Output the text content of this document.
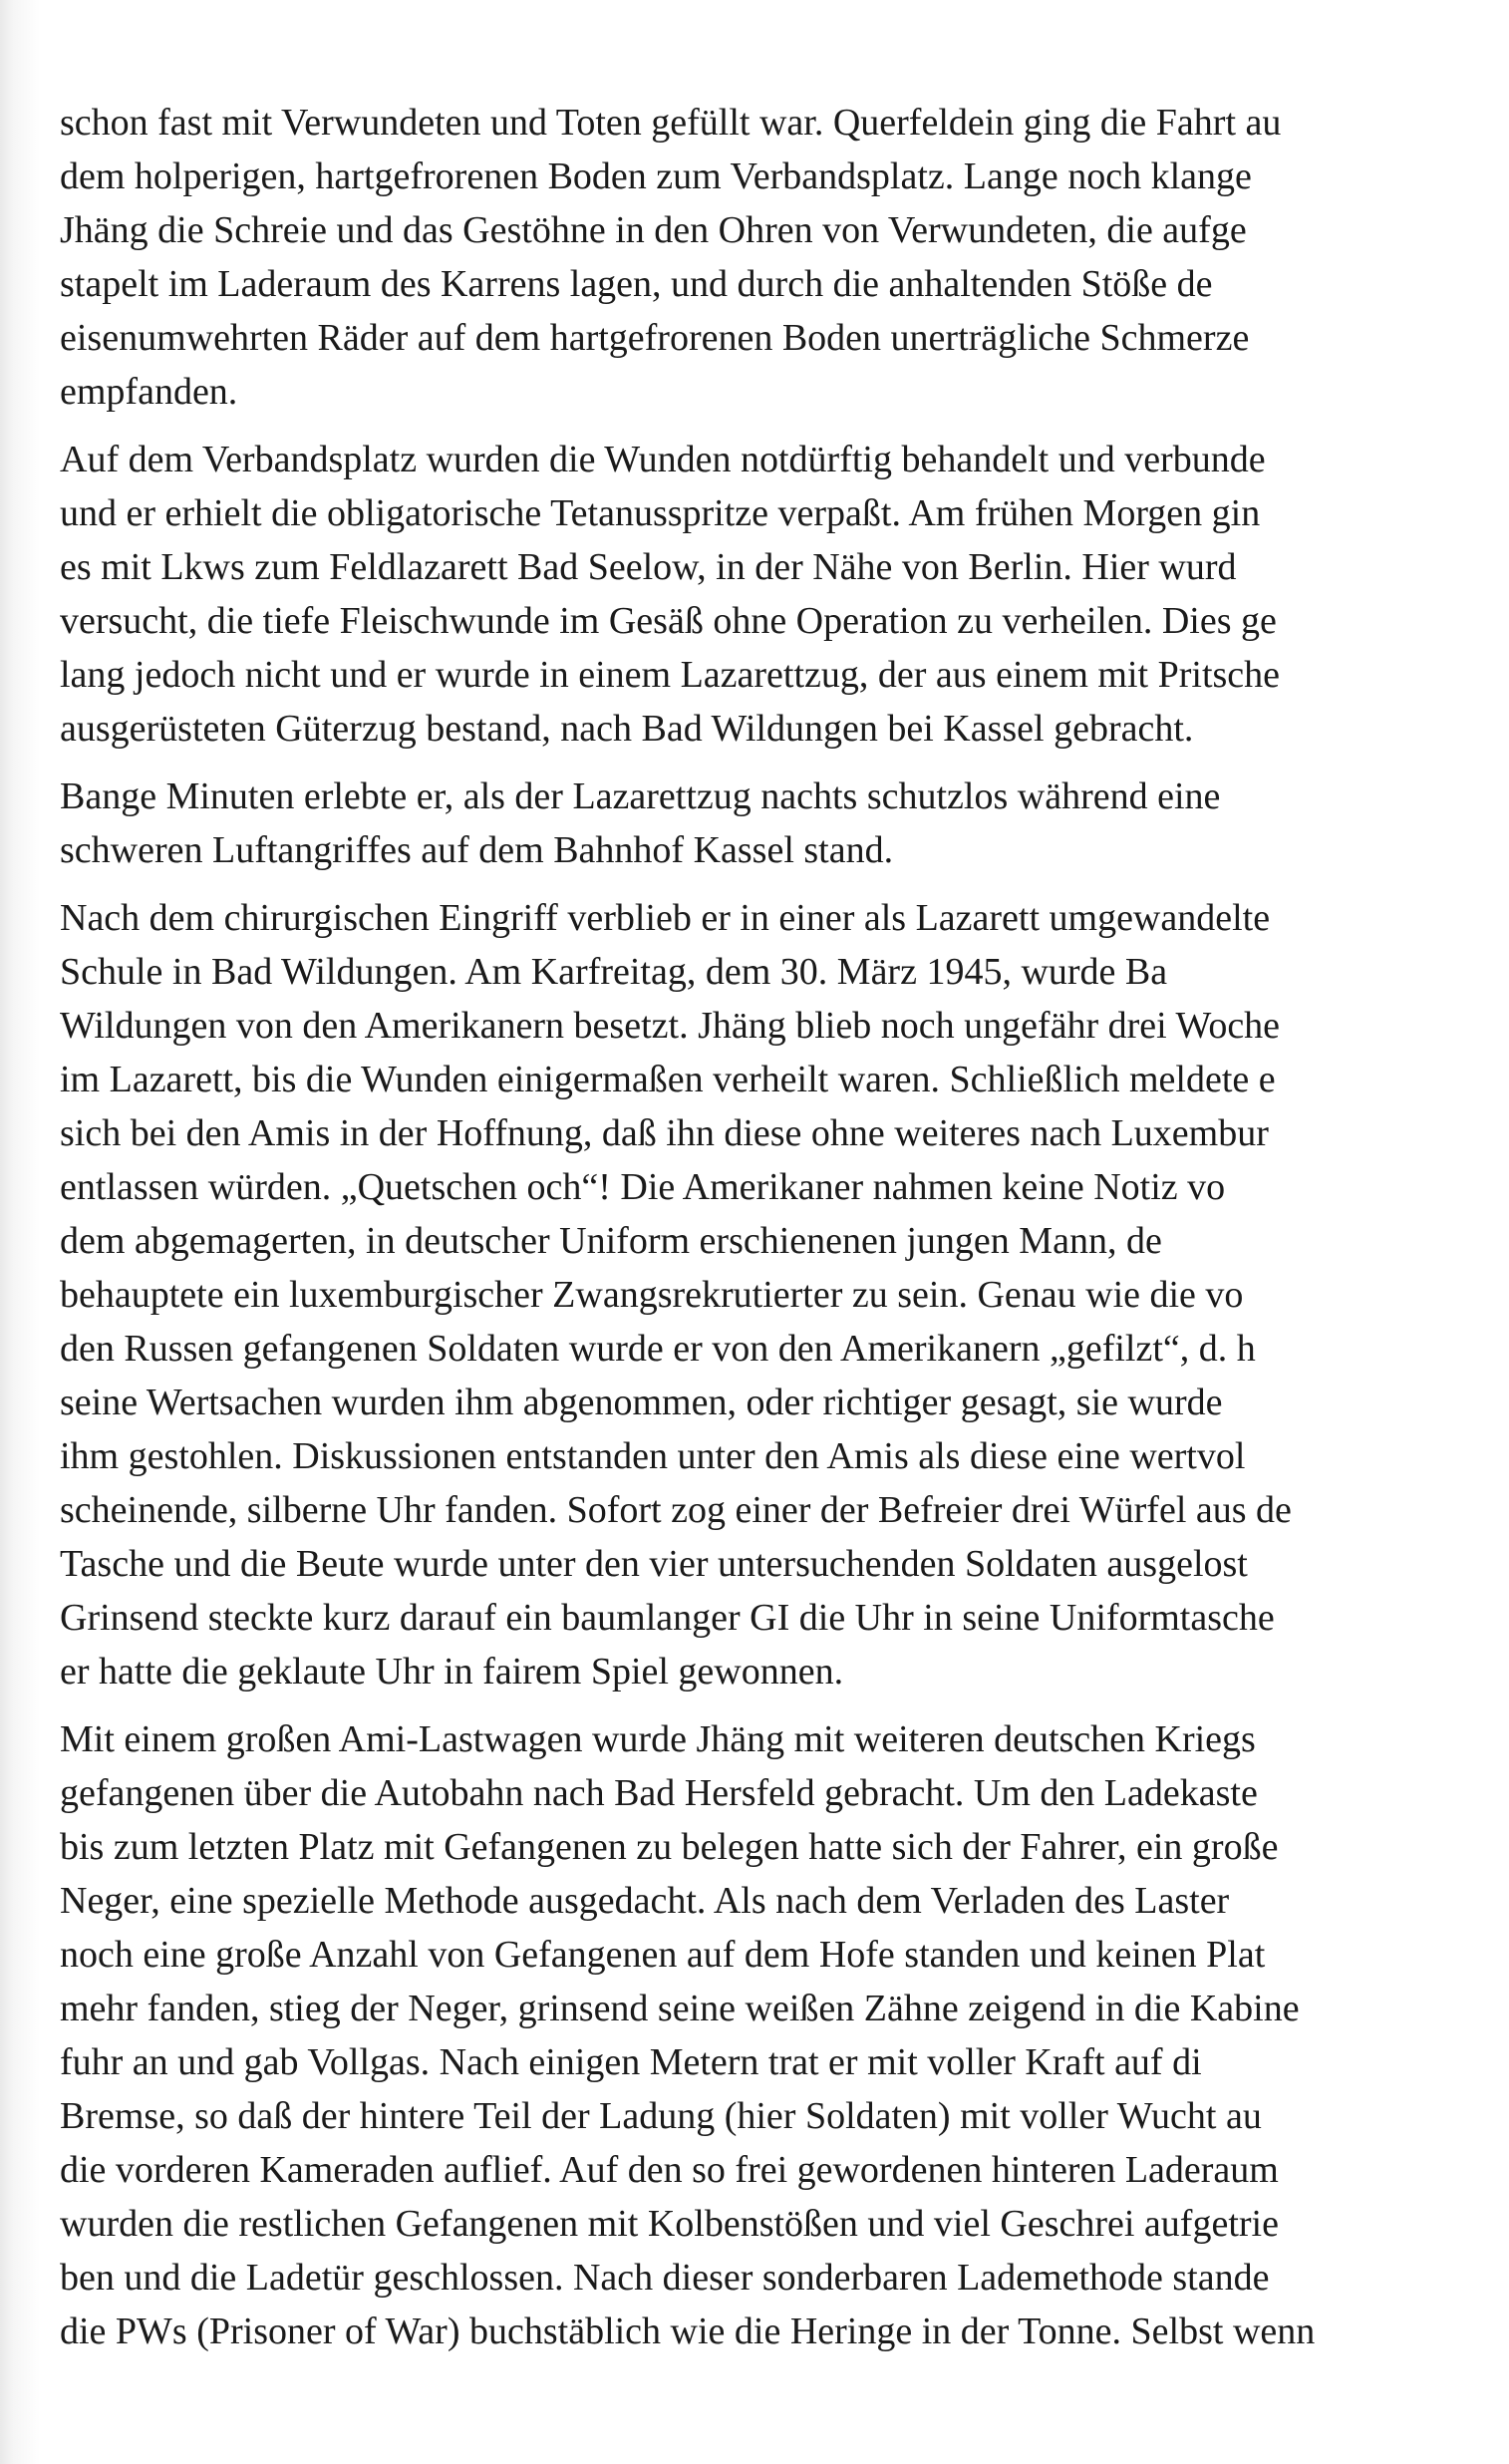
schon fast mit Verwundeten und Toten gefüllt war. Querfeldein ging die Fahrt au
dem holperigen, hartgefrorenen Boden zum Verbandsplatz. Lange noch klange
Jhäng die Schreie und das Gestöhne in den Ohren von Verwundeten, die aufge
stapelt im Laderaum des Karrens lagen, und durch die anhaltenden Stöße de
eisenumwehrten Räder auf dem hartgefrorenen Boden unerträgliche Schmerze
empfanden.
Auf dem Verbandsplatz wurden die Wunden notdürftig behandelt und verbunde
und er erhielt die obligatorische Tetanusspritze verpaßt. Am frühen Morgen gin
es mit Lkws zum Feldlazarett Bad Seelow, in der Nähe von Berlin. Hier wurd
versucht, die tiefe Fleischwunde im Gesäß ohne Operation zu verheilen. Dies ge
lang jedoch nicht und er wurde in einem Lazarettzug, der aus einem mit Pritsche
ausgerüsteten Güterzug bestand, nach Bad Wildungen bei Kassel gebracht.
Bange Minuten erlebte er, als der Lazarettzug nachts schutzlos während eine
schweren Luftangriffes auf dem Bahnhof Kassel stand.
Nach dem chirurgischen Eingriff verblieb er in einer als Lazarett umgewandelte
Schule in Bad Wildungen. Am Karfreitag, dem 30. März 1945, wurde Ba
Wildungen von den Amerikanern besetzt. Jhäng blieb noch ungefähr drei Woche
im Lazarett, bis die Wunden einigermaßen verheilt waren. Schließlich meldete e
sich bei den Amis in der Hoffnung, daß ihn diese ohne weiteres nach Luxembur
entlassen würden. „Quetschen och“! Die Amerikaner nahmen keine Notiz vo
dem abgemagerten, in deutscher Uniform erschienenen jungen Mann, de
behauptete ein luxemburgischer Zwangsrekrutierter zu sein. Genau wie die vo
den Russen gefangenen Soldaten wurde er von den Amerikanern „gefilzt“, d. h
seine Wertsachen wurden ihm abgenommen, oder richtiger gesagt, sie wurde
ihm gestohlen. Diskussionen entstanden unter den Amis als diese eine wertvol
scheinende, silberne Uhr fanden. Sofort zog einer der Befreier drei Würfel aus de
Tasche und die Beute wurde unter den vier untersuchenden Soldaten ausgelost
Grinsend steckte kurz darauf ein baumlanger GI die Uhr in seine Uniformtasche
er hatte die geklaute Uhr in fairem Spiel gewonnen.
Mit einem großen Ami-Lastwagen wurde Jhäng mit weiteren deutschen Kriegs
gefangenen über die Autobahn nach Bad Hersfeld gebracht. Um den Ladekaste
bis zum letzten Platz mit Gefangenen zu belegen hatte sich der Fahrer, ein große
Neger, eine spezielle Methode ausgedacht. Als nach dem Verladen des Laster
noch eine große Anzahl von Gefangenen auf dem Hofe standen und keinen Plat
mehr fanden, stieg der Neger, grinsend seine weißen Zähne zeigend in die Kabine
fuhr an und gab Vollgas. Nach einigen Metern trat er mit voller Kraft auf di
Bremse, so daß der hintere Teil der Ladung (hier Soldaten) mit voller Wucht au
die vorderen Kameraden auflief. Auf den so frei gewordenen hinteren Laderaum
wurden die restlichen Gefangenen mit Kolbenstößen und viel Geschrei aufgetrie
ben und die Ladetür geschlossen. Nach dieser sonderbaren Lademethode stande
die PWs (Prisoner of War) buchstäblich wie die Heringe in der Tonne. Selbst wenn
